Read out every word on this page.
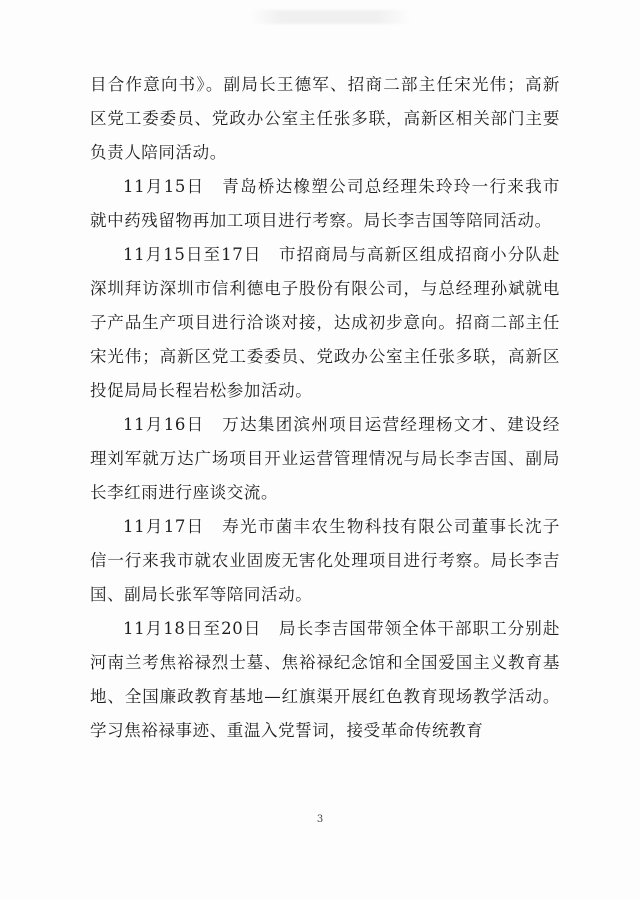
目合作意向书》。副局长王德军、招商二部主任宋光伟；高新区党工委委员、党政办公室主任张多联，高新区相关部门主要负责人陪同活动。

11月15日　青岛桥达橡塑公司总经理朱玲玲一行来我市就中药残留物再加工项目进行考察。局长李吉国等陪同活动。

11月15日至17日　市招商局与高新区组成招商小分队赴深圳拜访深圳市信利德电子股份有限公司，与总经理孙斌就电子产品生产项目进行洽谈对接，达成初步意向。招商二部主任宋光伟；高新区党工委委员、党政办公室主任张多联，高新区投促局局长程岩松参加活动。

11月16日　万达集团滨州项目运营经理杨文才、建设经理刘军就万达广场项目开业运营管理情况与局长李吉国、副局长李红雨进行座谈交流。

11月17日　寿光市菌丰农生物科技有限公司董事长沈子信一行来我市就农业固废无害化处理项目进行考察。局长李吉国、副局长张军等陪同活动。

11月18日至20日　局长李吉国带领全体干部职工分别赴河南兰考焦裕禄烈士墓、焦裕禄纪念馆和全国爱国主义教育基地、全国廉政教育基地—红旗渠开展红色教育现场教学活动。学习焦裕禄事迹、重温入党誓词，接受革命传统教育

3
